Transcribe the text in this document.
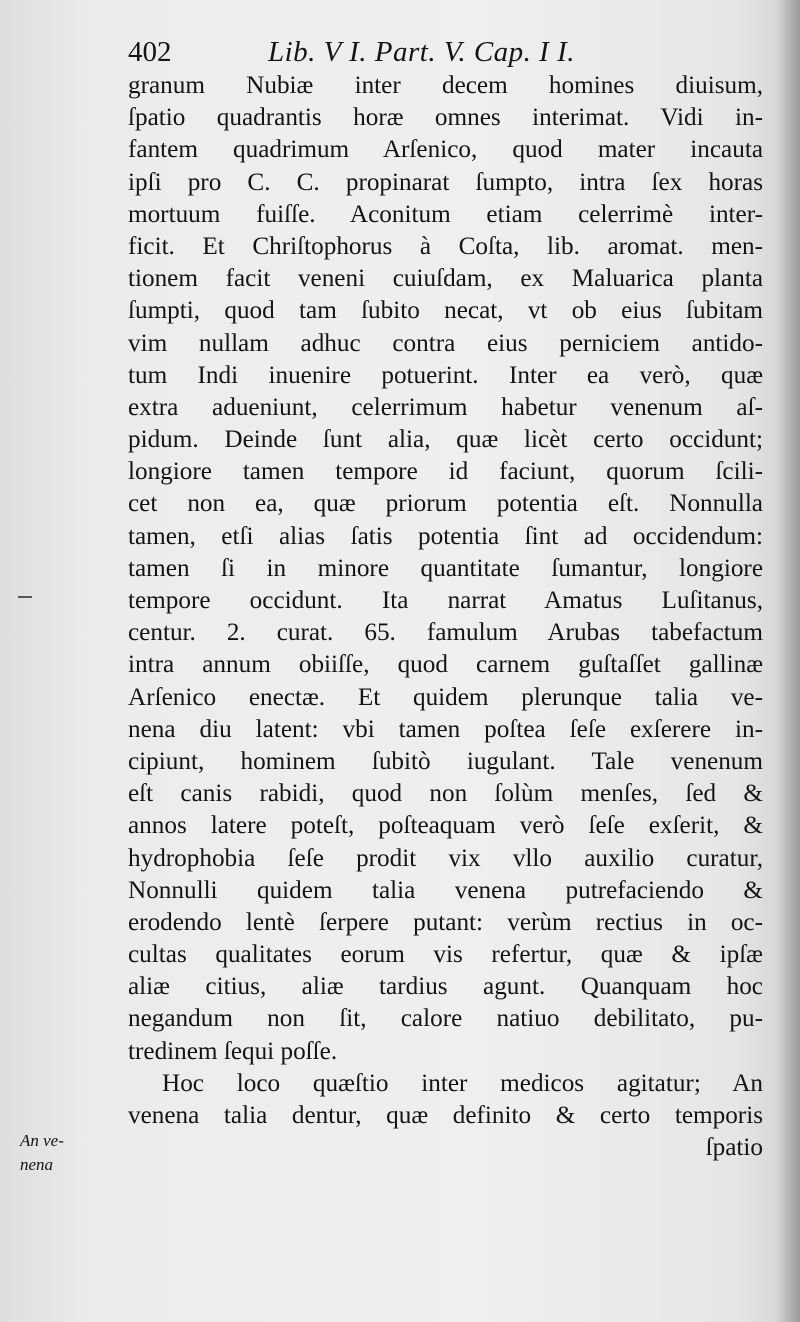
402	Lib. V I. Part. V. Cap. I I.
granum Nubiæ inter decem homines diuisum,
ſpatio quadrantis horæ omnes interimat. Vidi in-
fantem quadrimum Arſenico, quod mater incauta
ipſi pro C. C. propinarat ſumpto, intra ſex horas
mortuum fuiſſe. Aconitum etiam celerrimè inter-
ficit. Et Chriſtophorus à Coſta, lib. aromat. men-
tionem facit veneni cuiuſdam, ex Maluarica planta
ſumpti, quod tam ſubito necat, vt ob eius ſubitam
vim nullam adhuc contra eius perniciem antido-
tum Indi inuenire potuerint. Inter ea verò, quæ
extra adueniunt, celerrimum habetur venenum aſ-
pidum. Deinde ſunt alia, quæ licèt certo occidunt;
longiore tamen tempore id faciunt, quorum ſcili-
cet non ea, quæ priorum potentia eſt. Nonnulla
tamen, etſi alias ſatis potentia ſint ad occidendum:
tamen ſi in minore quantitate ſumantur, longiore
tempore occidunt. Ita narrat Amatus Luſitanus,
centur. 2. curat. 65. famulum Arubas tabefactum
intra annum obiiſſe, quod carnem guſtaſſet gallinæ
Arſenico enectæ. Et quidem plerunque talia ve-
nena diu latent: vbi tamen poſtea ſeſe exſerere in-
cipiunt, hominem ſubitò iugulant. Tale venenum
eſt canis rabidi, quod non ſolùm menſes, ſed &
annos latere poteſt, poſteaquam verò ſeſe exſerit, &
hydrophobia ſeſe prodit vix vllo auxilio curatur,
Nonnulli quidem talia venena putrefaciendo &
erodendo lentè ſerpere putant: verùm rectius in oc-
cultas qualitates eorum vis refertur, quæ & ipſæ
aliæ citius, aliæ tardius agunt. Quanquam hoc
negandum non ſit, calore natiuo debilitato, pu-
tredinem ſequi poſſe.
Hoc loco quæſtio inter medicos agitatur; An
venena talia dentur, quæ definito & certo temporis
ſpatio
An ve-
nena
